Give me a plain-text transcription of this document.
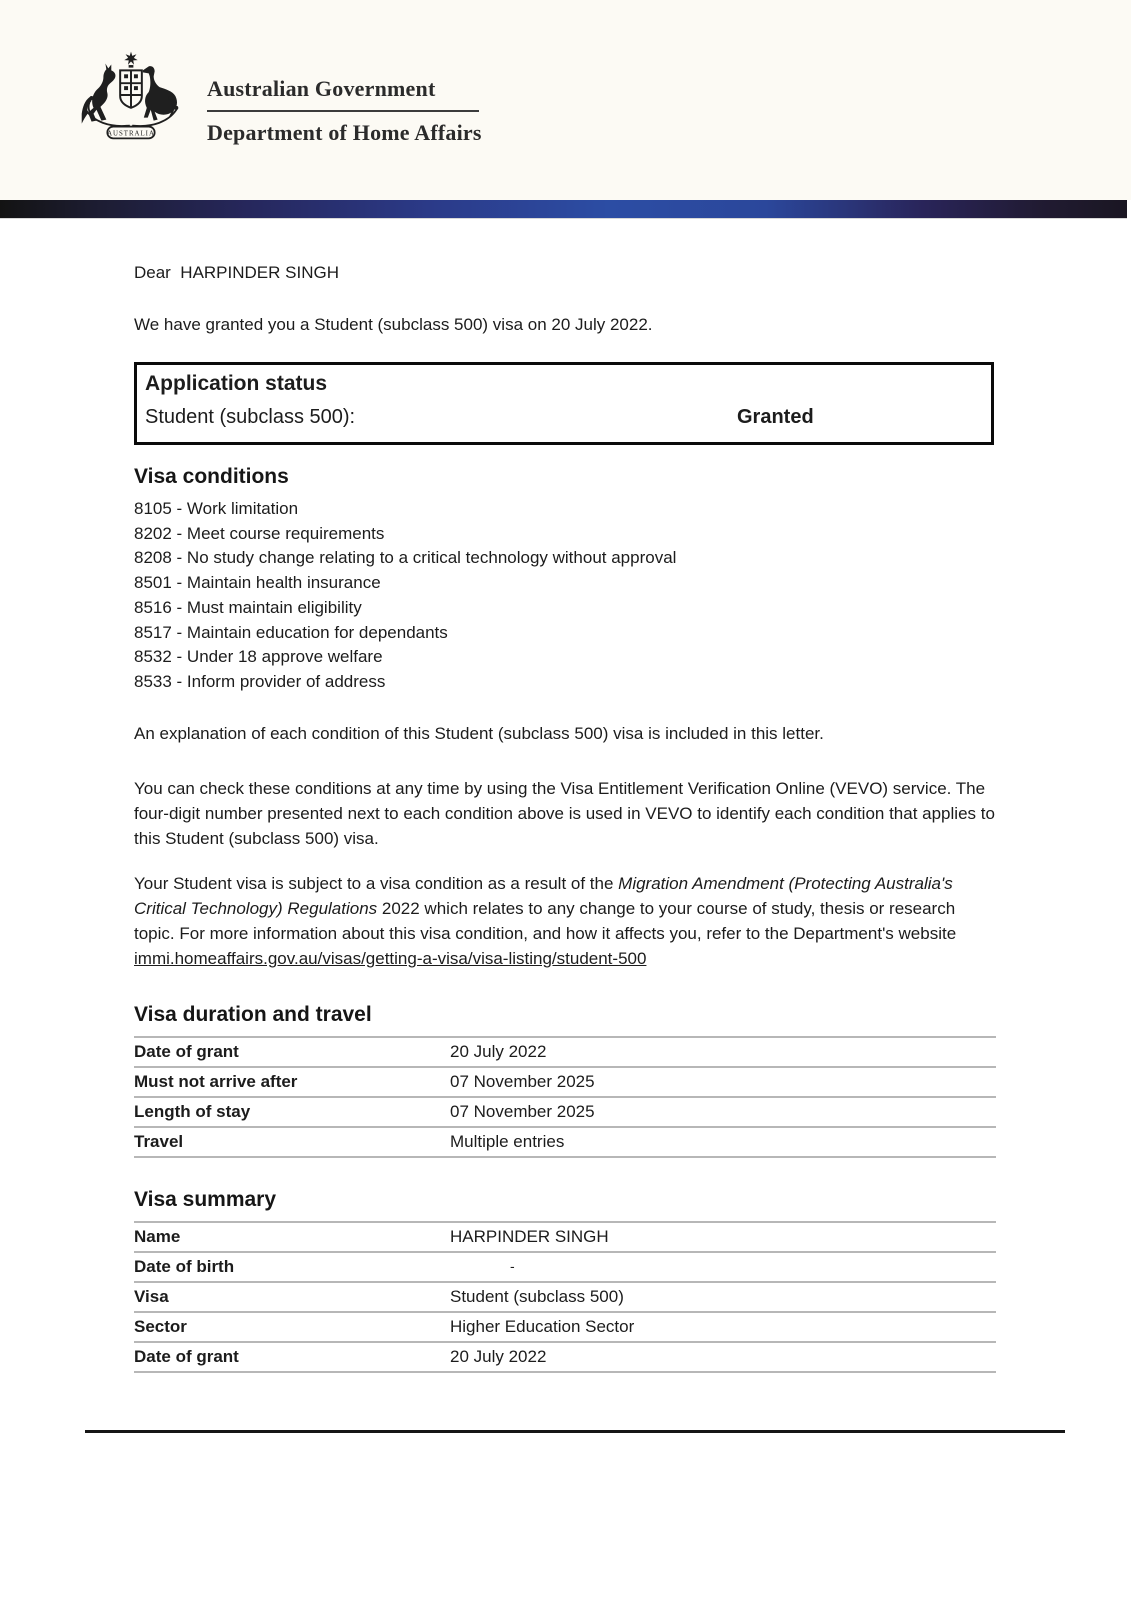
AUSTRALIA
Australian Government
Department of Home Affairs

Dear  HARPINDER SINGH

We have granted you a Student (subclass 500) visa on 20 July 2022.

Application status
Student (subclass 500):	Granted
Visa conditions
8105 - Work limitation
8202 - Meet course requirements
8208 - No study change relating to a critical technology without approval
8501 - Maintain health insurance
8516 - Must maintain eligibility
8517 - Maintain education for dependants
8532 - Under 18 approve welfare
8533 - Inform provider of address

An explanation of each condition of this Student (subclass 500) visa is included in this letter.

You can check these conditions at any time by using the Visa Entitlement Verification Online (VEVO) service. The four-digit number presented next to each condition above is used in VEVO to identify each condition that applies to this Student (subclass 500) visa.

Your Student visa is subject to a visa condition as a result of the Migration Amendment (Protecting Australia's Critical Technology) Regulations 2022 which relates to any change to your course of study, thesis or research topic. For more information about this visa condition, and how it affects you, refer to the Department's website immi.homeaffairs.gov.au/visas/getting-a-visa/visa-listing/student-500

Visa duration and travel
Date of grant	20 July 2022
Must not arrive after	07 November 2025
Length of stay	07 November 2025
Travel	Multiple entries
Visa summary
Name	HARPINDER SINGH
Date of birth	-
Visa	Student (subclass 500)
Sector	Higher Education Sector
Date of grant	20 July 2022
